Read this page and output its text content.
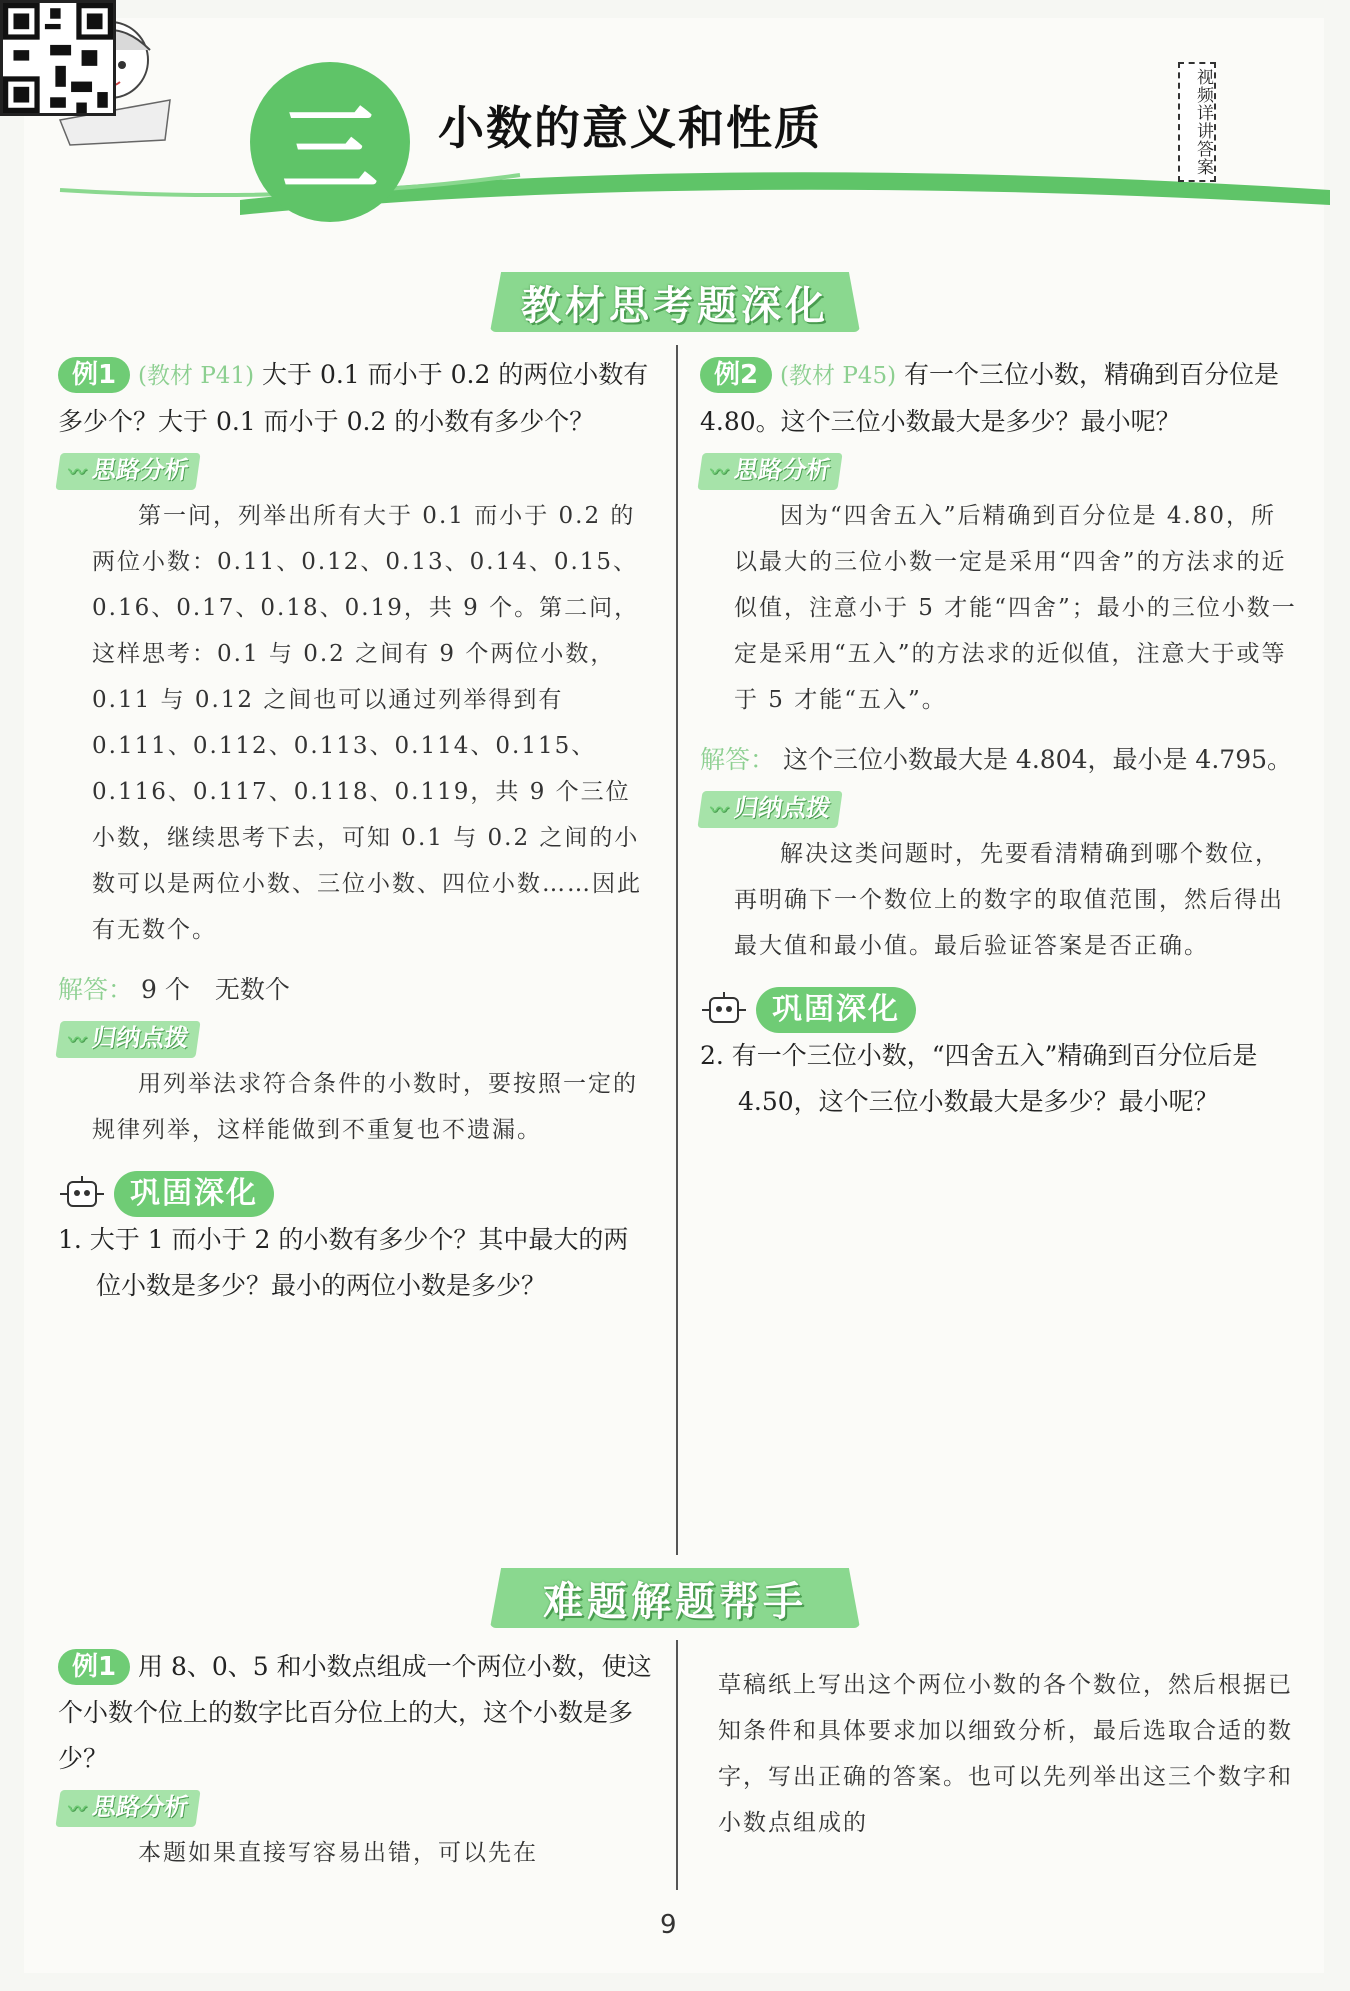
三	小数的意义和性质	视频详讲答案
教材思考题深化
例1 (教材 P41) 大于 0.1 而小于 0.2 的两位小数有多少个？大于 0.1 而小于 0.2 的小数有多少个？
〰 思路分析
第一问，列举出所有大于 0.1 而小于 0.2 的两位小数：0.11、0.12、0.13、0.14、0.15、0.16、0.17、0.18、0.19，共 9 个。第二问，这样思考：0.1 与 0.2 之间有 9 个两位小数，0.11 与 0.12 之间也可以通过列举得到有 0.111、0.112、0.113、0.114、0.115、0.116、0.117、0.118、0.119，共 9 个三位小数，继续思考下去，可知 0.1 与 0.2 之间的小数可以是两位小数、三位小数、四位小数……因此有无数个。
解答： 9 个　无数个
〰 归纳点拨
用列举法求符合条件的小数时，要按照一定的规律列举，这样能做到不重复也不遗漏。
巩固深化
1. 大于 1 而小于 2 的小数有多少个？其中最大的两位小数是多少？最小的两位小数是多少？
例2 (教材 P45) 有一个三位小数，精确到百分位是 4.80。这个三位小数最大是多少？最小呢？
〰 思路分析
因为“四舍五入”后精确到百分位是 4.80，所以最大的三位小数一定是采用“四舍”的方法求的近似值，注意小于 5 才能“四舍”；最小的三位小数一定是采用“五入”的方法求的近似值，注意大于或等于 5 才能“五入”。
解答： 这个三位小数最大是 4.804，最小是 4.795。
〰 归纳点拨
解决这类问题时，先要看清精确到哪个数位，再明确下一个数位上的数字的取值范围，然后得出最大值和最小值。最后验证答案是否正确。
巩固深化
2. 有一个三位小数，“四舍五入”精确到百分位后是 4.50，这个三位小数最大是多少？最小呢？
难题解题帮手
例1 用 8、0、5 和小数点组成一个两位小数，使这个小数个位上的数字比百分位上的大，这个小数是多少？
〰 思路分析
本题如果直接写容易出错，可以先在
草稿纸上写出这个两位小数的各个数位，然后根据已知条件和具体要求加以细致分析，最后选取合适的数字，写出正确的答案。也可以先列举出这三个数字和小数点组成的
9
